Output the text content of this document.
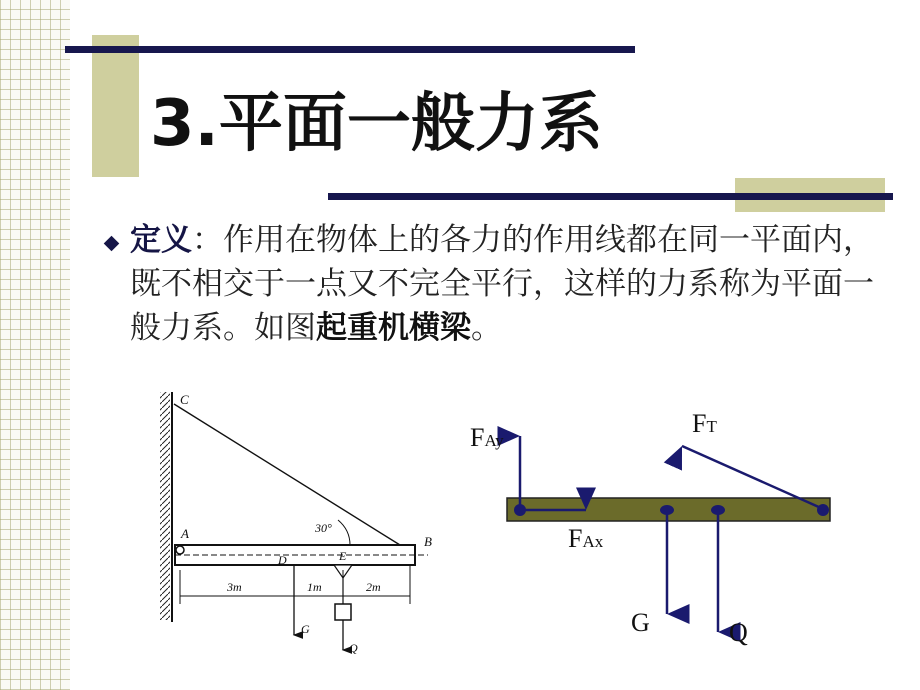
3.平面一般力系

定义：作用在物体上的各力的作用线都在同一平面内，既不相交于一点又不完全平行，这样的力系称为平面一般力系。如图起重机横梁。

C
A
B
D	E
30°
3m	1m	2m
G
Q
FAy
FAx
FT
G	Q
